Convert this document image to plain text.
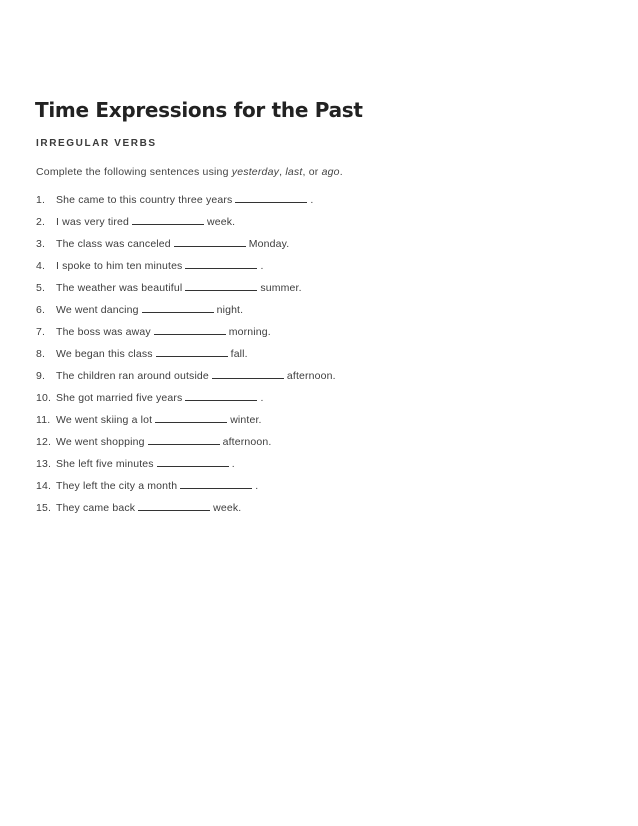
Time Expressions for the Past
IRREGULAR VERBS
Complete the following sentences using yesterday, last, or ago.
1.	She came to this country three years	.
2.	I was very tired	week.
3.	The class was canceled	Monday.
4.	I spoke to him ten minutes	.
5.	The weather was beautiful	summer.
6.	We went dancing	night.
7.	The boss was away	morning.
8.	We began this class	fall.
9.	The children ran around outside	afternoon.
10. She got married five years	.
11. We went skiing a lot	winter.
12. We went shopping	afternoon.
13. She left five minutes	.
14. They left the city a month	.
15. They came back	week.
